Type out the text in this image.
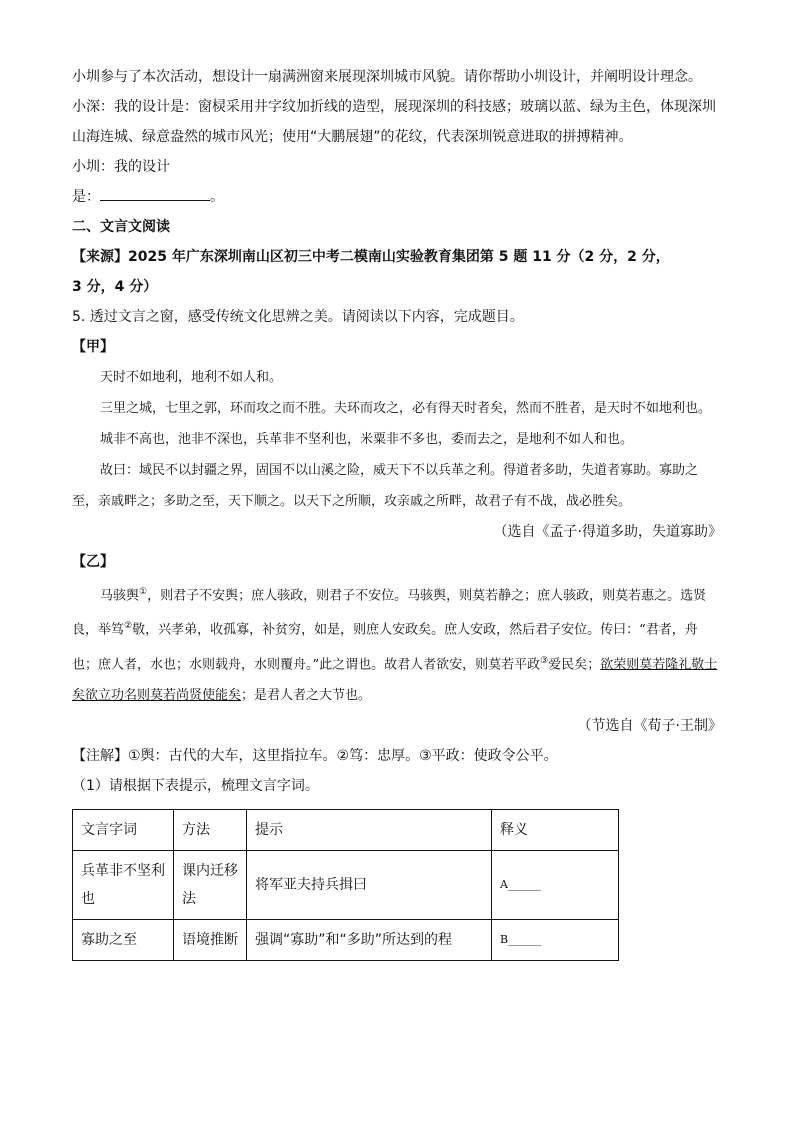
小圳参与了本次活动，想设计一扇满洲窗来展现深圳城市风貌。请你帮助小圳设计，并阐明设计理念。

小深：我的设计是：窗棂采用井字纹加折线的造型，展现深圳的科技感；玻璃以蓝、绿为主色，体现深圳

山海连城、绿意盎然的城市风光；使用“大鹏展翅”的花纹，代表深圳锐意进取的拼搏精神。

小圳：我的设计

是：	。

二、文言文阅读

【来源】2025 年广东深圳南山区初三中考二模南山实验教育集团第 5 题 11 分（2 分，2 分，

3 分，4 分）

5. 透过文言之窗，感受传统文化思辨之美。请阅读以下内容，完成题目。

【甲】

天时不如地利，地利不如人和。

三里之城，七里之郭，环而攻之而不胜。夫环而攻之，必有得天时者矣，然而不胜者，是天时不如地利也。

城非不高也，池非不深也，兵革非不坚利也，米粟非不多也，委而去之，是地利不如人和也。

故曰：域民不以封疆之界，固国不以山溪之险，威天下不以兵革之利。得道者多助，失道者寡助。寡助之至，亲戚畔之；多助之至，天下顺之。以天下之所顺，攻亲戚之所畔，故君子有不战，战必胜矣。

（选自《孟子·得道多助，失道寡助》

【乙】

马骇舆①，则君子不安舆；庶人骇政，则君子不安位。马骇舆，则莫若静之；庶人骇政，则莫若惠之。选贤良，举笃②敬，兴孝弟，收孤寡，补贫穷，如是，则庶人安政矣。庶人安政，然后君子安位。传曰：“君者，舟也；庶人者，水也；水则载舟，水则覆舟。”此之谓也。故君人者欲安，则莫若平政③爱民矣；欲荣则莫若隆礼敬士矣欲立功名则莫若尚贤使能矣；是君人者之大节也。

（节选自《荀子·王制》

【注解】①舆：古代的大车，这里指拉车。②笃：忠厚。③平政：使政令公平。

（1）请根据下表提示，梳理文言字词。

文言字词	方法	提示	释义
兵革非不坚利也	课内迁移法	将军亚夫持兵揖曰	A______
寡助之至	语境推断	强调“寡助”和“多助”所达到的程	B______
